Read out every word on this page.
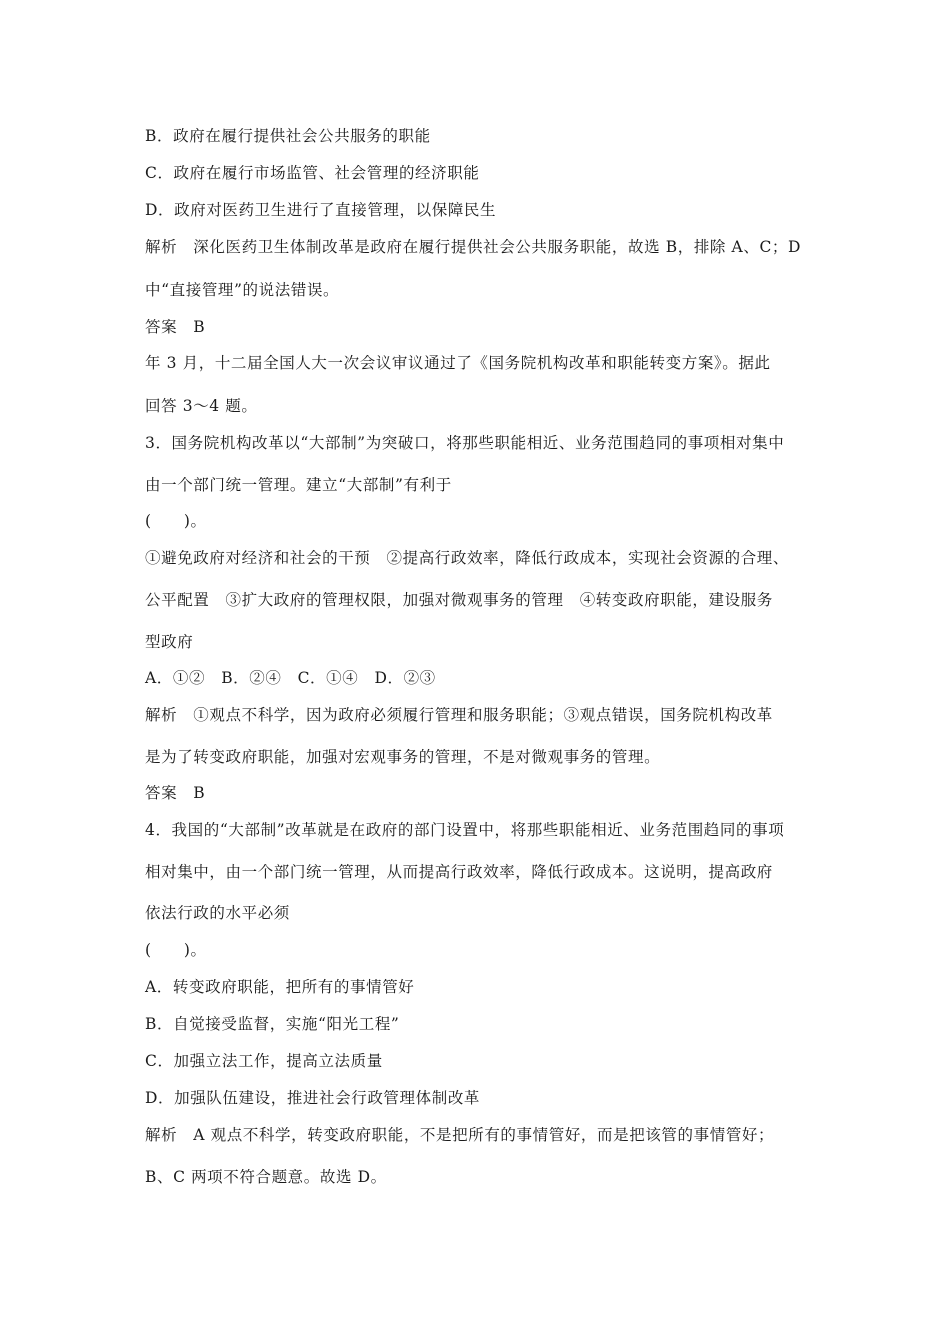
B．政府在履行提供社会公共服务的职能
C．政府在履行市场监管、社会管理的经济职能
D．政府对医药卫生进行了直接管理，以保障民生
解析　深化医药卫生体制改革是政府在履行提供社会公共服务职能，故选 B，排除 A、C；D
中“直接管理”的说法错误。
答案　B
年 3 月，十二届全国人大一次会议审议通过了《国务院机构改革和职能转变方案》。据此
回答 3～4 题。
3．国务院机构改革以“大部制”为突破口，将那些职能相近、业务范围趋同的事项相对集中
由一个部门统一管理。建立“大部制”有利于
(　　)。
①避免政府对经济和社会的干预　②提高行政效率，降低行政成本，实现社会资源的合理、
公平配置　③扩大政府的管理权限，加强对微观事务的管理　④转变政府职能，建设服务
型政府
A．①②　B．②④　C．①④　D．②③
解析　①观点不科学，因为政府必须履行管理和服务职能；③观点错误，国务院机构改革
是为了转变政府职能，加强对宏观事务的管理，不是对微观事务的管理。
答案　B
4．我国的“大部制”改革就是在政府的部门设置中，将那些职能相近、业务范围趋同的事项
相对集中，由一个部门统一管理，从而提高行政效率，降低行政成本。这说明，提高政府
依法行政的水平必须
(　　)。
A．转变政府职能，把所有的事情管好
B．自觉接受监督，实施“阳光工程”
C．加强立法工作，提高立法质量
D．加强队伍建设，推进社会行政管理体制改革
解析　A 观点不科学，转变政府职能，不是把所有的事情管好，而是把该管的事情管好；
B、C 两项不符合题意。故选 D。
